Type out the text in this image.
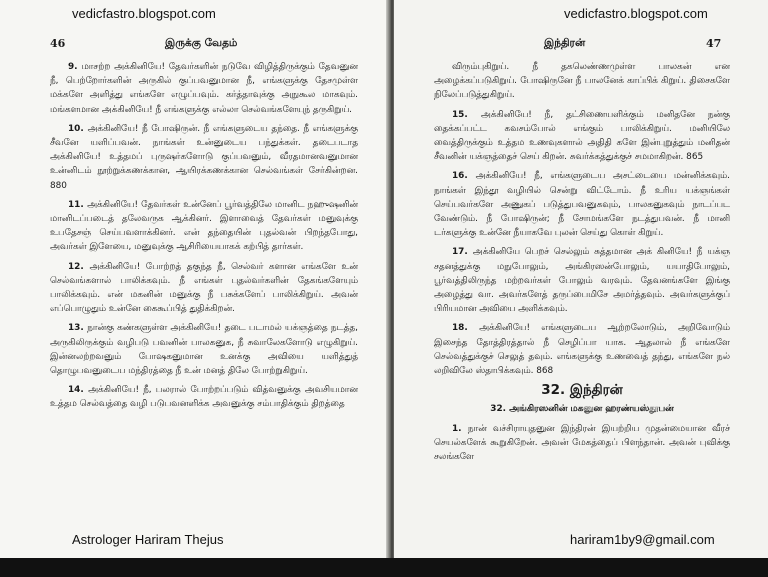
vedicfastro.blogspot.com
46	இருக்கு வேதம்

9. மாசற்ற அக்கினியே! தேவர்களின் நடுவே விழித்திருக்கும் தேவனுன நீ, பெற்றோர்களின் அருகில் குப்பவனுமான நீ, எங்களுக்கு தேசமுள்ள மக்களே அளித்து எங்களே எழுப்பவும். கர்த்தாவுக்கு அநுகூல மாகவும். மங்களமான அக்கினியே! நீ எங்களுக்கு எல்லா செல்வங்களேயுந் தருகிறுய்.

10. அக்கினியே! நீ போஷிருன். நீ எங்களுடைய தந்தை. நீ எங்களுக்கு சீவனே யளிப்பவன். நாங்கள் உன்னுடைய பந்துக்கள். தடைபடாத அக்கினியே! உத்தமப் புருஷர்களோடு குப்பவனும், வீரதமானவனுமான உன்னிடம் நூற்றுக்கணக்கான, ஆயிரக்கணக்கான செல்வங்கள் சேர்கின்றன. 880

11. அக்கினியே! தேவர்கள் உன்னேப் பூர்வத்திலே மானிட நஹுஷனின் மானிடப்படைத் தலேவருக ஆக்கினர். இளாவைத் தேவர்கள் மனுவுக்கு உபதேசஞ் செய்பவளாக்கினர். என் தந்தையின் புதல்வன் பிறந்தபோது, அவர்கள் இளேயை, மனுவுக்கு ஆசிரியையாகக் கற்பித் தார்கள்.

12. அக்கினியே! போற்றத் தகுந்த நீ, செல்வர் களான எங்களே உன் செல்வங்களால் பாலிக்கவும். நீ எங்கள் புதல்வர்களின் தேகங்களேயும் பாலிக்கவும். என் மகனின் மனுக்கு நீ பசுக்களேப் பாலிக்கிறுய். அவன் எப்பொழுதும் உன்னே கைகூப்பித் துதிக்கிறன்.

13. நான்கு கண்களுள்ள அக்கினியே! தடை படாமல் யக்ஞத்தை நடத்த, அருகிலிருக்கும் வழிபடு பவனின் பாலகனுக, நீ சுவாலேகளோடு எழுகிறுய். இன்னலற்றவனும் போஷகனுமான உனக்கு அவியை யளித்துத் தொழுபவனுடைய மந்திரத்தை நீ உன் மனத் திலே போற்றுகிறுய்.

14. அக்கினியே! நீ, பலரால் போற்றப்படும் வித்வனுக்கு அவசியமான உத்தம செல்வத்தை வழி படுபவனளிக்க அவனுக்கு சம்பாதிக்கும் திறத்தை

Astrologer Hariram Thejus
vedicfastro.blogspot.com
இந்திரன்	47

விரும்புகிறுய். நீ தகலெண்ணமுள்ள பாலகன் என அழைக்கப்படுகிறுய். போஷிருனே நீ பாலனேக் காப்பிக் கிறுய். திசைகளே நிலேப்படுத்துகிறுய்.

15. அக்கினியே! நீ, தட்சிணையளிக்கும் மனிதனே நன்கு தைக்கப்பட்ட கவசம்போல் எங்கும் பாலிக்கிறுய். மனியிலே வைத்திருக்கும் உத்தம உணவுகளால் அதிதி களே இன்புறுத்தும் மனிதன் சீவனின் யக்ஞத்தைச் செய் கிறன். சுவர்க்கத்துக்குச் சமமாகிறன். 865

16. அக்கினியே! நீ, எங்களுடைய அசட்டையை மன்னிக்கவும். நாங்கள் இந்தூ வழியில் சென்று விட்டோம். நீ உரிய யக்ஞங்கள் செய்பவர்களே அணுகப் படுத்துபவனுகவும், பாலகனுகவும் நாடப்பட வேண்டும். நீ போஷிருன்; நீ சோமங்களே நடத்துபவன். நீ மானி டர்களுக்கு உன்னே நீயாகவே புலன் செய்து கொள் கிறுய்.

17. அக்கினியே பெறச் செல்லும் சுத்தமான அக் கினியே! நீ யக்ஞ சதனத்துக்கு மநுபோலும், அங்கிரஸன்போலும், யயாதிபோலும், பூர்வத்திலிருந்த மற்றவர்கள் போலும் வரவும். தேவனங்களே இங்கு அழைத்து வா. அவர்களேத் தருப்பைமிசே அமர்த்தவும். அவர்களுக்குப் பிரியமான அவியை அளிக்கவும்.

18. அக்கினியே! எங்களுடைய ஆற்றலோடும், அறிவோடும் இசைந்த தோத்திரத்தால் நீ செழிப்பா யாக. ஆதலால் நீ எங்களே செல்வத்துக்குச் செலுத் தவும். எங்களுக்கு உணவைத் தந்து, எங்களே நல் லறிவிலே ஸ்தாபிக்கவும். 868

32. இந்திரன்

32. அங்கிரஸனின் மகனுன ஹரண்யஸ்தூபன்

1. நான் வச்சிராயுதனுன இந்திரன் இயற்றிய முதன்மையான வீரச் செயல்களேக் கூறுகிறேன். அவன் மேகத்தைப் பிளந்தான். அவன் புவிக்கு சலங்களே

hariram1by9@gmail.com
